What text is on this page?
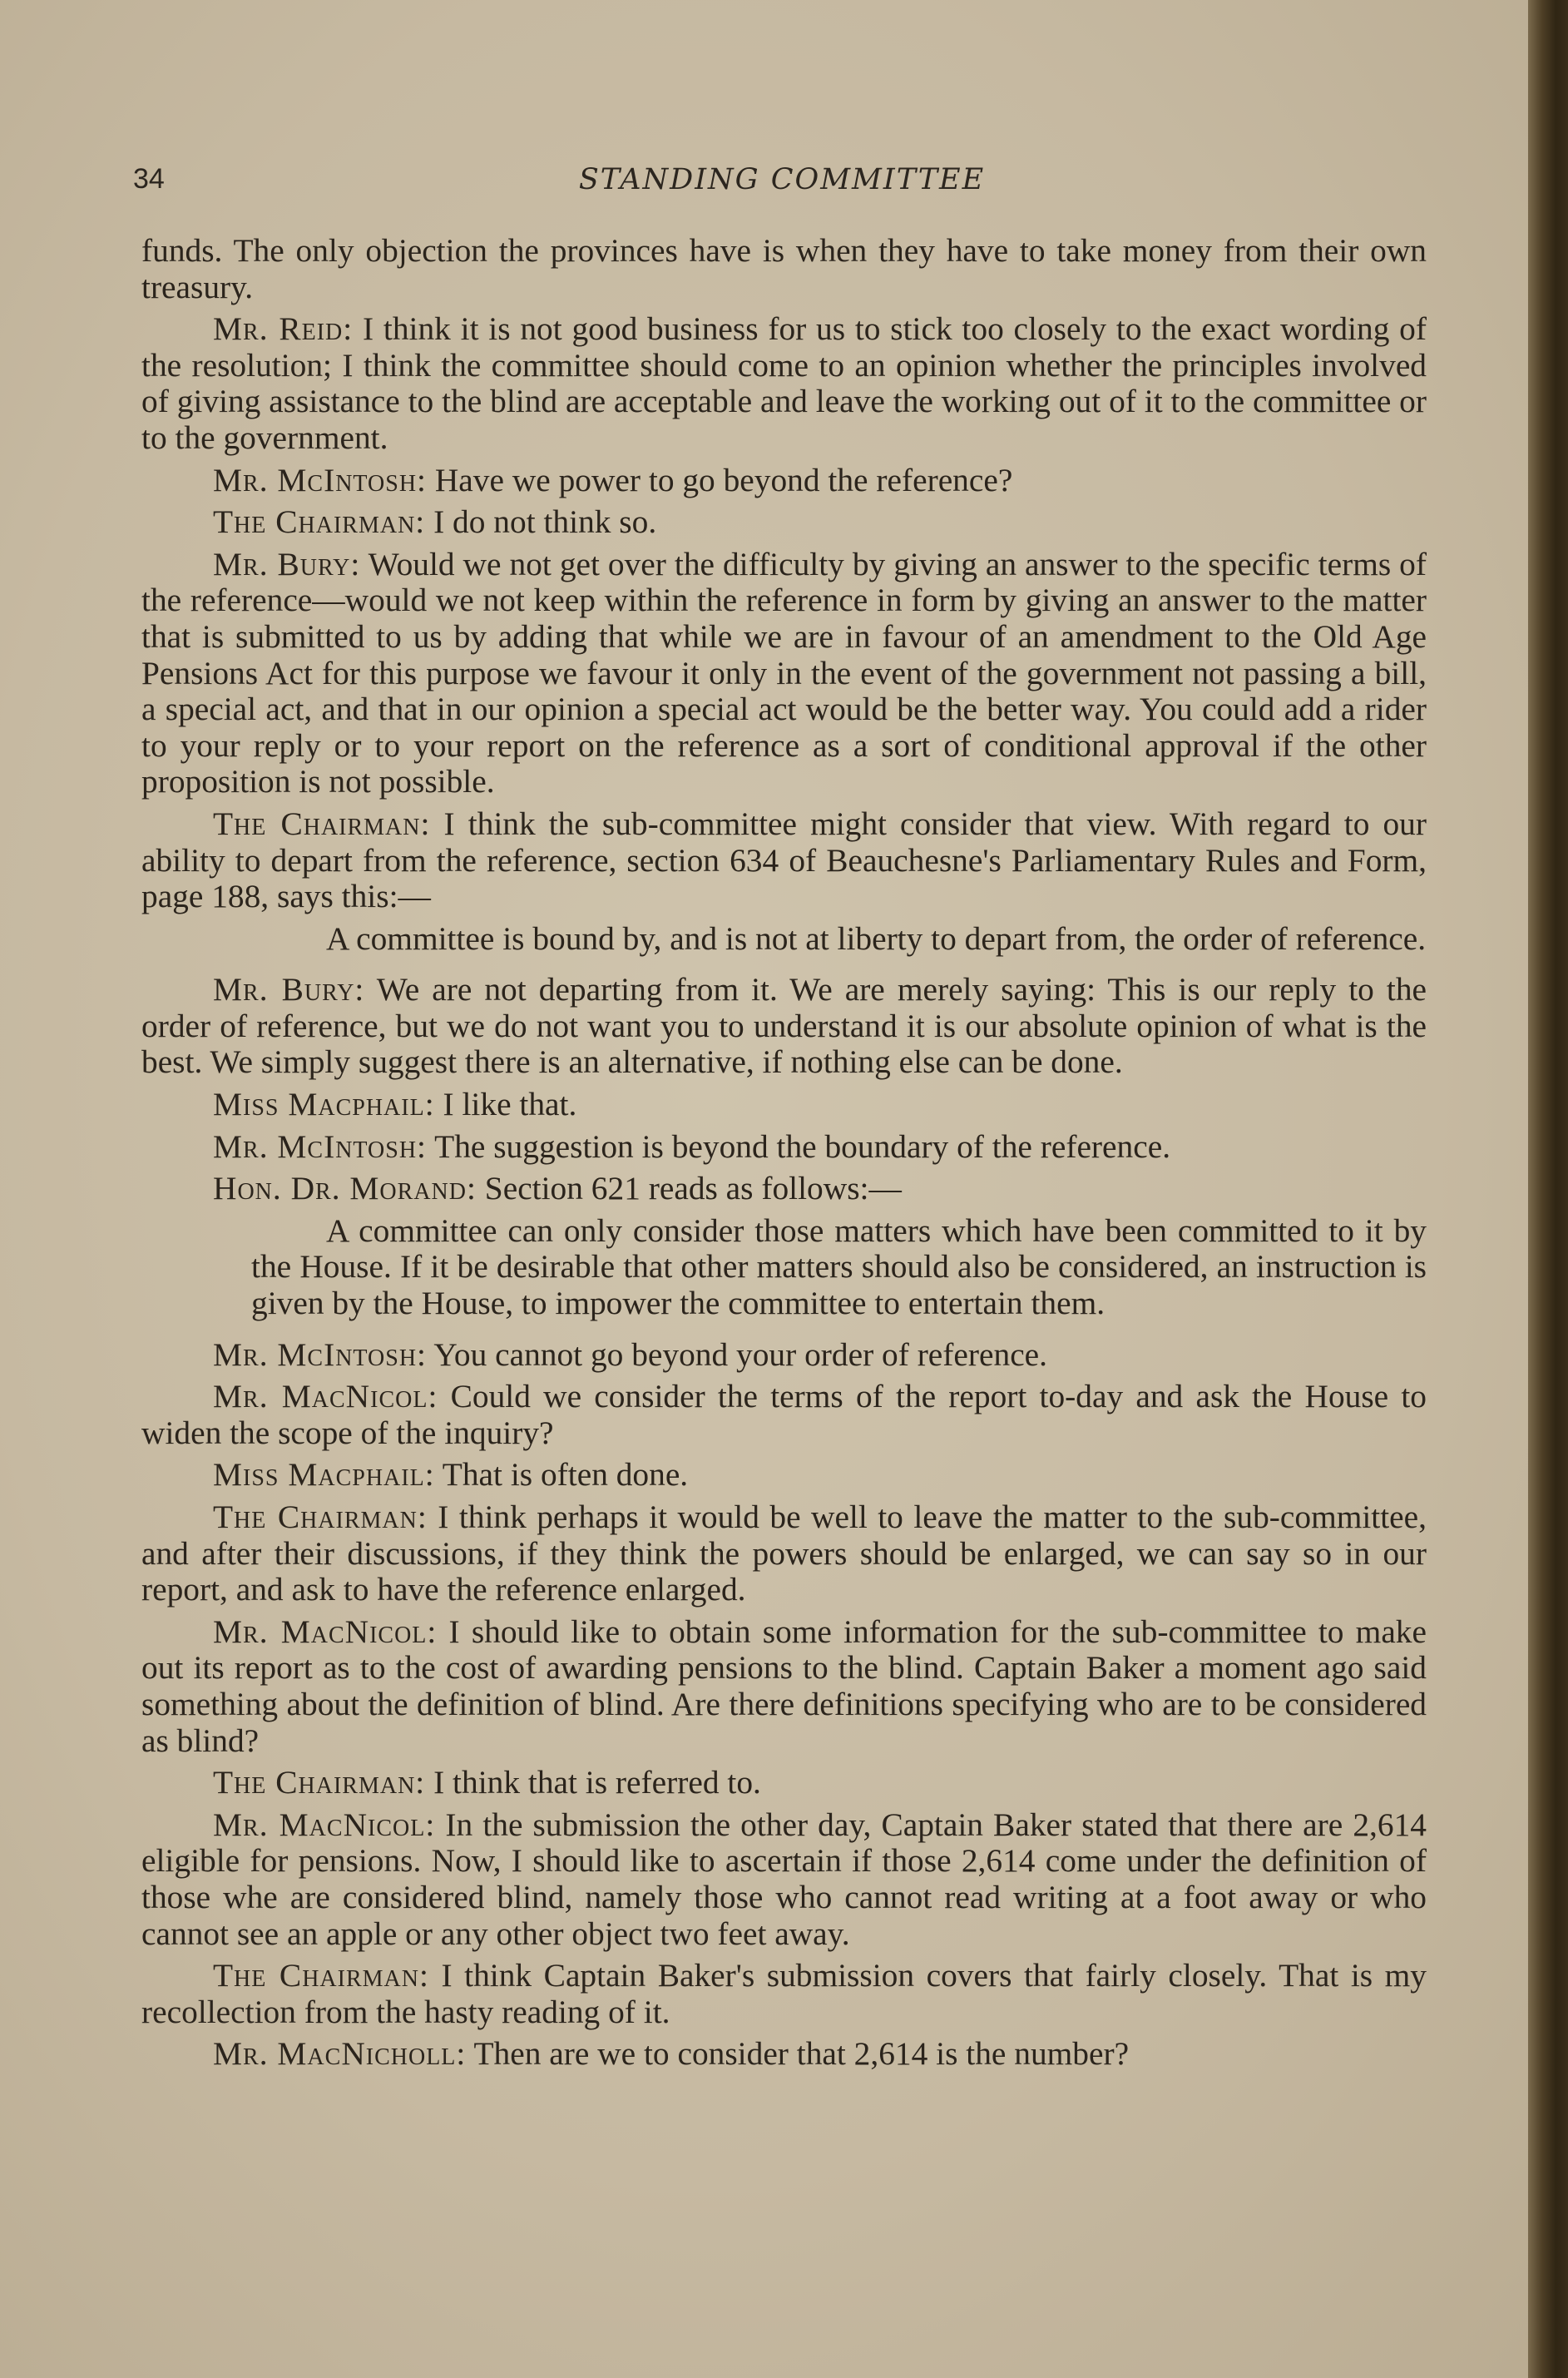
34	STANDING COMMITTEE

funds. The only objection the provinces have is when they have to take money from their own treasury.

Mr. Reid: I think it is not good business for us to stick too closely to the exact wording of the resolution; I think the committee should come to an opinion whether the principles involved of giving assistance to the blind are acceptable and leave the working out of it to the committee or to the government.

Mr. McIntosh: Have we power to go beyond the reference?

The Chairman: I do not think so.

Mr. Bury: Would we not get over the difficulty by giving an answer to the specific terms of the reference—would we not keep within the reference in form by giving an answer to the matter that is submitted to us by adding that while we are in favour of an amendment to the Old Age Pensions Act for this purpose we favour it only in the event of the government not passing a bill, a special act, and that in our opinion a special act would be the better way. You could add a rider to your reply or to your report on the reference as a sort of conditional approval if the other proposition is not possible.

The Chairman: I think the sub-committee might consider that view. With regard to our ability to depart from the reference, section 634 of Beauchesne's Parliamentary Rules and Form, page 188, says this:—

A committee is bound by, and is not at liberty to depart from, the order of reference.

Mr. Bury: We are not departing from it. We are merely saying: This is our reply to the order of reference, but we do not want you to understand it is our absolute opinion of what is the best. We simply suggest there is an alternative, if nothing else can be done.

Miss Macphail: I like that.

Mr. McIntosh: The suggestion is beyond the boundary of the reference.

Hon. Dr. Morand: Section 621 reads as follows:—

A committee can only consider those matters which have been committed to it by the House. If it be desirable that other matters should also be considered, an instruction is given by the House, to impower the committee to entertain them.

Mr. McIntosh: You cannot go beyond your order of reference.

Mr. MacNicol: Could we consider the terms of the report to-day and ask the House to widen the scope of the inquiry?

Miss Macphail: That is often done.

The Chairman: I think perhaps it would be well to leave the matter to the sub-committee, and after their discussions, if they think the powers should be enlarged, we can say so in our report, and ask to have the reference enlarged.

Mr. MacNicol: I should like to obtain some information for the sub-committee to make out its report as to the cost of awarding pensions to the blind. Captain Baker a moment ago said something about the definition of blind. Are there definitions specifying who are to be considered as blind?

The Chairman: I think that is referred to.

Mr. MacNicol: In the submission the other day, Captain Baker stated that there are 2,614 eligible for pensions. Now, I should like to ascertain if those 2,614 come under the definition of those whe are considered blind, namely those who cannot read writing at a foot away or who cannot see an apple or any other object two feet away.

The Chairman: I think Captain Baker's submission covers that fairly closely. That is my recollection from the hasty reading of it.

Mr. MacNicholl: Then are we to consider that 2,614 is the number?
